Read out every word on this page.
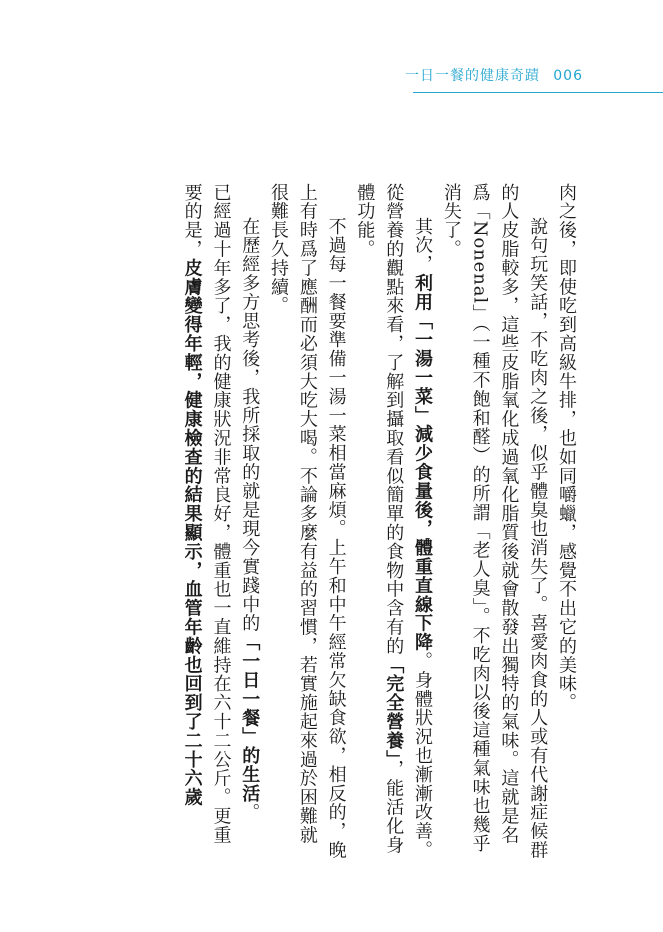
一日一餐的健康奇蹟 006

肉之後，即使吃到高級牛排，也如同嚼蠟，感覺不出它的美味。

說句玩笑話，不吃肉之後，似乎體臭也消失了。喜愛肉食的人或有代謝症候群的人皮脂較多，這些皮脂氧化成過氧化脂質後就會散發出獨特的氣味。這就是名爲「Nonenal」（一種不飽和醛）的所謂「老人臭」。不吃肉以後這種氣味也幾乎消失了。

其次，利用「一湯一菜」減少食量後，體重直線下降。身體狀況也漸漸改善。從營養的觀點來看，了解到攝取看似簡單的食物中含有的「完全營養」，能活化身體功能。

不過每一餐要準備一湯一菜相當麻煩。上午和中午經常欠缺食欲，相反的，晚上有時爲了應酬而必須大吃大喝。不論多麼有益的習慣，若實施起來過於困難就很難長久持續。

在歷經多方思考後，我所採取的就是現今實踐中的「一日一餐」的生活。

已經過十年多了，我的健康狀況非常良好，體重也一直維持在六十二公斤。更重要的是，皮膚變得年輕，健康檢查的結果顯示，血管年齡也回到了二十六歲
